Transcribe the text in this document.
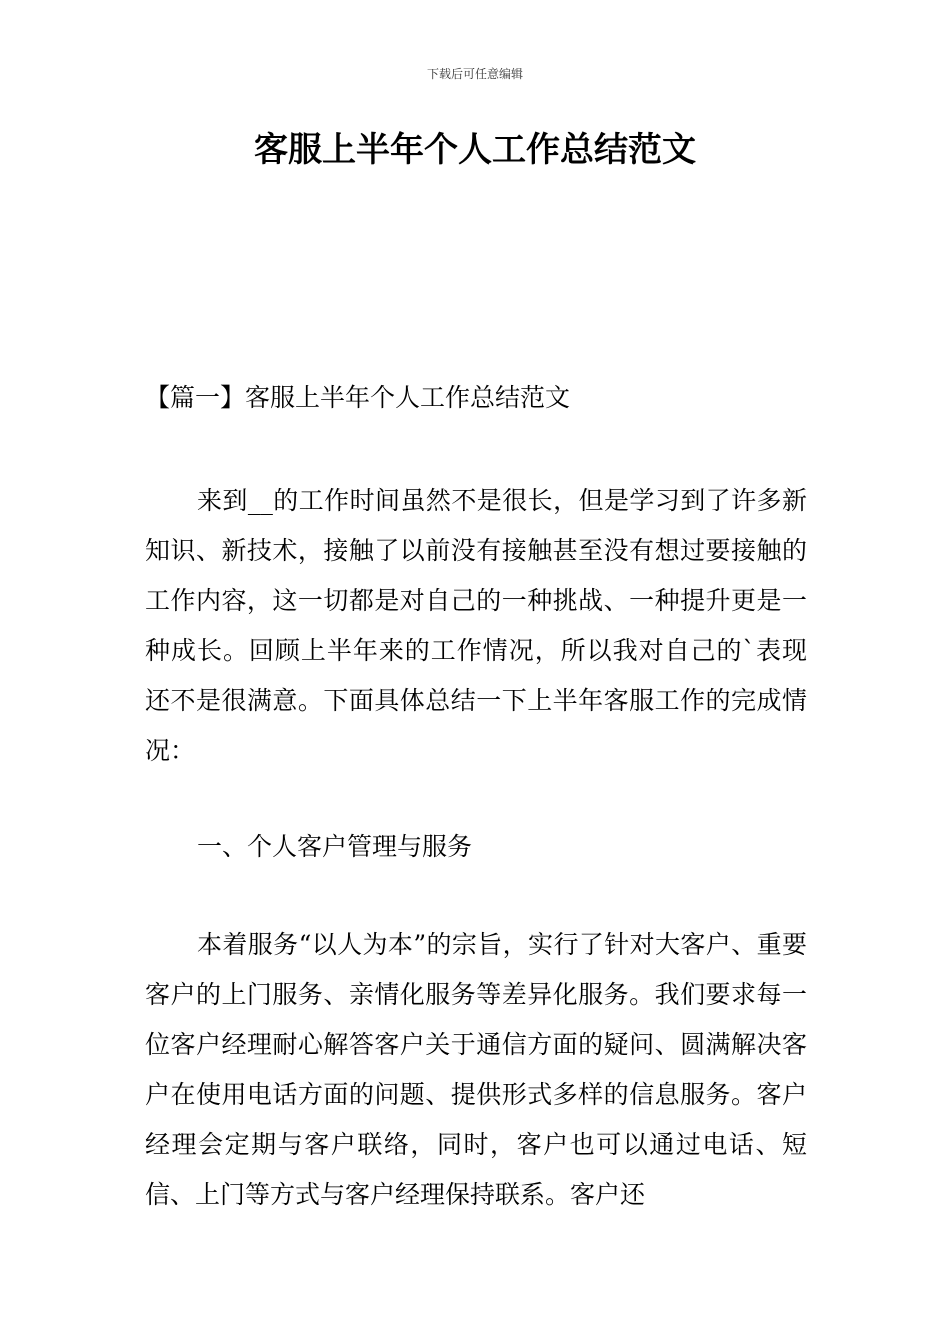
下载后可任意编辑
客服上半年个人工作总结范文

【篇一】客服上半年个人工作总结范文

来到__的工作时间虽然不是很长，但是学习到了许多新知识、新技术，接触了以前没有接触甚至没有想过要接触的工作内容，这一切都是对自己的一种挑战、一种提升更是一种成长。回顾上半年来的工作情况，所以我对自己的`表现还不是很满意。下面具体总结一下上半年客服工作的完成情况：

一、个人客户管理与服务

本着服务“以人为本”的宗旨，实行了针对大客户、重要客户的上门服务、亲情化服务等差异化服务。我们要求每一位客户经理耐心解答客户关于通信方面的疑问、圆满解决客户在使用电话方面的问题、提供形式多样的信息服务。客户经理会定期与客户联络，同时，客户也可以通过电话、短信、上门等方式与客户经理保持联系。客户还
